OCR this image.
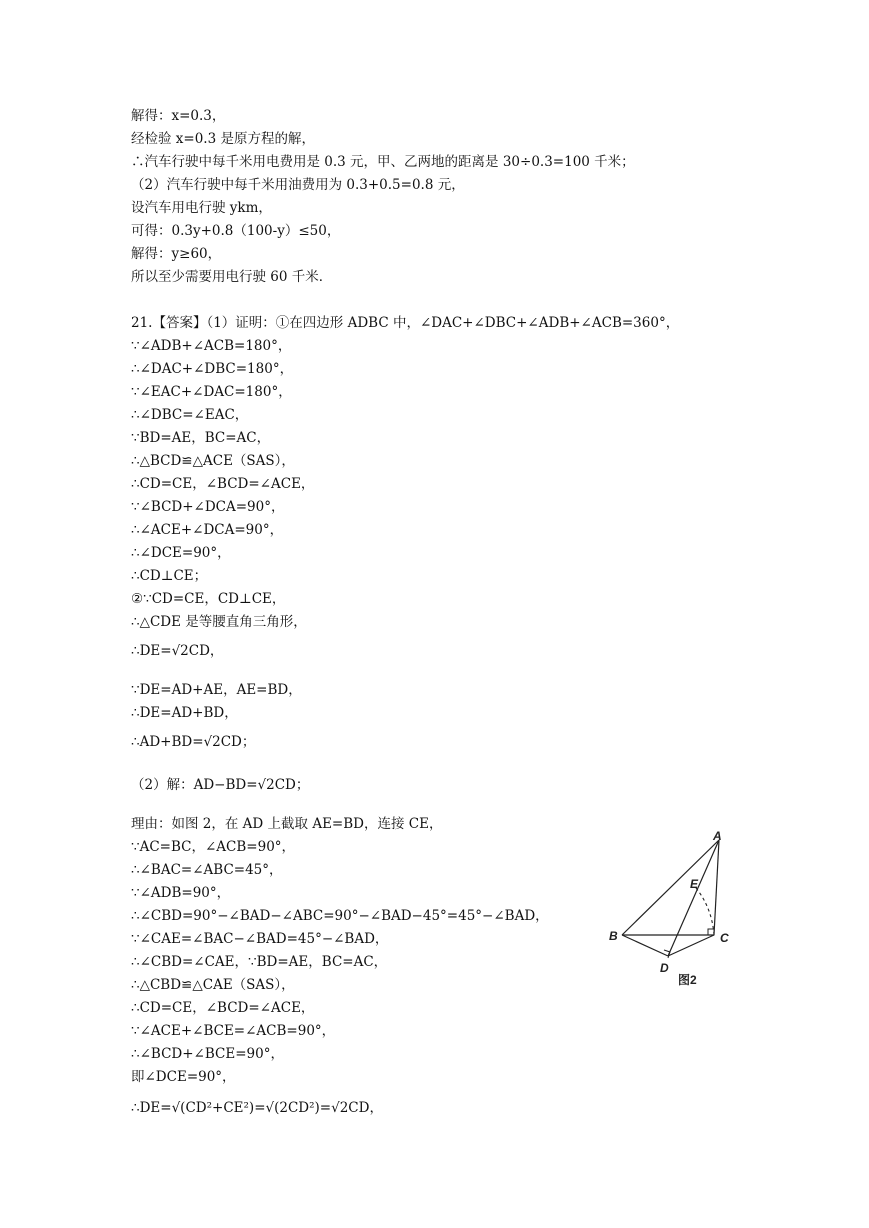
解得：x=0.3，
经检验 x=0.3 是原方程的解，
∴汽车行驶中每千米用电费用是 0.3 元，甲、乙两地的距离是 30÷0.3=100 千米；
（2）汽车行驶中每千米用油费用为 0.3+0.5=0.8 元，
设汽车用电行驶 ykm，
可得：0.3y+0.8（100-y）≤50，
解得：y≥60，
所以至少需要用电行驶 60 千米．
21.【答案】（1）证明：①在四边形 ADBC 中，∠DAC+∠DBC+∠ADB+∠ACB=360°，
∵∠ADB+∠ACB=180°，
∴∠DAC+∠DBC=180°，
∵∠EAC+∠DAC=180°，
∴∠DBC=∠EAC，
∵BD=AE，BC=AC，
∴△BCD≌△ACE（SAS），
∴CD=CE，∠BCD=∠ACE，
∵∠BCD+∠DCA=90°，
∴∠ACE+∠DCA=90°，
∴∠DCE=90°，
∴CD⊥CE；
②∵CD=CE，CD⊥CE，
∴△CDE 是等腰直角三角形，
∴DE=√2CD，
∵DE=AD+AE，AE=BD，
∴DE=AD+BD，
∴AD+BD=√2CD；
（2）解：AD−BD=√2CD；
理由：如图 2，在 AD 上截取 AE=BD，连接 CE，
∵AC=BC，∠ACB=90°，
∴∠BAC=∠ABC=45°，
∵∠ADB=90°，
∴∠CBD=90°−∠BAD−∠ABC=90°−∠BAD−45°=45°−∠BAD，
∵∠CAE=∠BAC−∠BAD=45°−∠BAD，
∴∠CBD=∠CAE，∵BD=AE，BC=AC，
∴△CBD≌△CAE（SAS），
∴CD=CE，∠BCD=∠ACE，
∵∠ACE+∠BCE=∠ACB=90°，
∴∠BCD+∠BCE=90°，
即∠DCE=90°，
∴DE=√(CD²+CE²)=√(2CD²)=√2CD，
A
E
B	C
D
图2
